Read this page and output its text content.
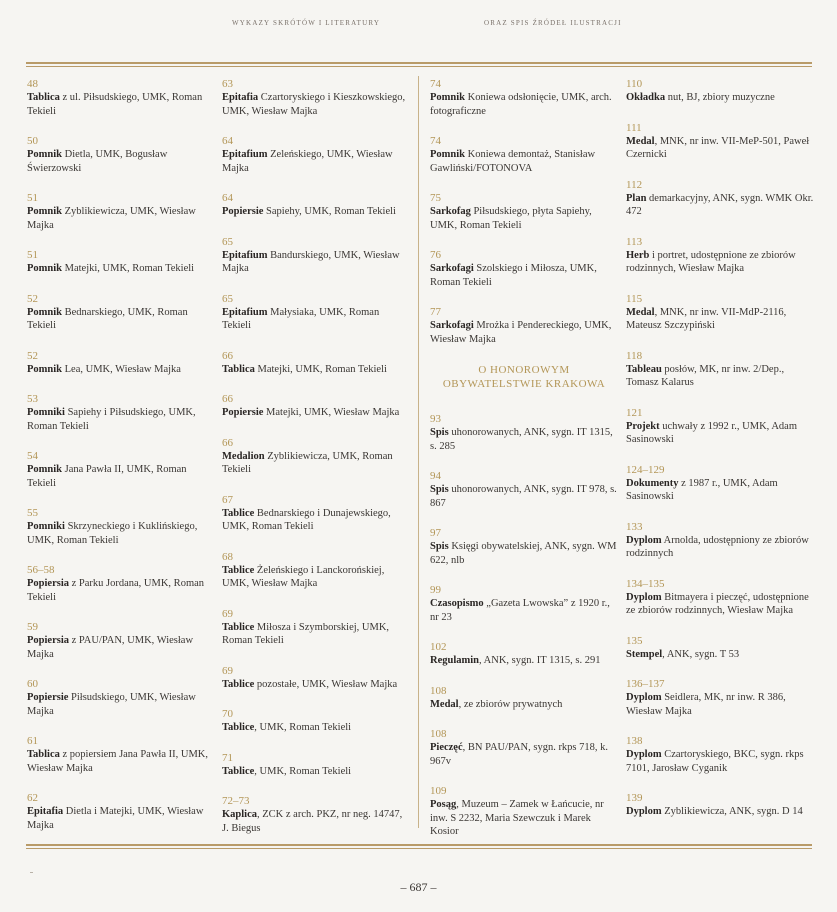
WYKAZY SKRÓTÓW I LITERATURY	ORAZ SPIS ŹRÓDEŁ ILUSTRACJI
48
Tablica z ul. Piłsudskiego, UMK, Roman Tekieli
50
Pomnik Dietla, UMK, Bogusław Świerzowski
51
Pomnik Zyblikiewicza, UMK, Wiesław Majka
51
Pomnik Matejki, UMK, Roman Tekieli
52
Pomnik Bednarskiego, UMK, Roman Tekieli
52
Pomnik Lea, UMK, Wiesław Majka
53
Pomniki Sapiehy i Piłsudskiego, UMK, Roman Tekieli
54
Pomnik Jana Pawła II, UMK, Roman Tekieli
55
Pomniki Skrzyneckiego i Kuklińskiego, UMK, Roman Tekieli
56–58
Popiersia z Parku Jordana, UMK, Roman Tekieli
59
Popiersia z PAU/PAN, UMK, Wiesław Majka
60
Popiersie Piłsudskiego, UMK, Wiesław Majka
61
Tablica z popiersiem Jana Pawła II, UMK, Wiesław Majka
62
Epitafia Dietla i Matejki, UMK, Wiesław Majka
63
Epitafia Czartoryskiego i Kieszkowskiego, UMK, Wiesław Majka
64
Epitafium Zeleńskiego, UMK, Wiesław Majka
64
Popiersie Sapiehy, UMK, Roman Tekieli
65
Epitafium Bandurskiego, UMK, Wiesław Majka
65
Epitafium Małysiaka, UMK, Roman Tekieli
66
Tablica Matejki, UMK, Roman Tekieli
66
Popiersie Matejki, UMK, Wiesław Majka
66
Medalion Zyblikiewicza, UMK, Roman Tekieli
67
Tablice Bednarskiego i Dunajewskiego, UMK, Roman Tekieli
68
Tablice Żeleńskiego i Lanckorońskiej, UMK, Wiesław Majka
69
Tablice Miłosza i Szymborskiej, UMK, Roman Tekieli
69
Tablice pozostałe, UMK, Wiesław Majka
70
Tablice, UMK, Roman Tekieli
71
Tablice, UMK, Roman Tekieli
72–73
Kaplica, ZCK z arch. PKZ, nr neg. 14747, J. Biegus
74
Pomnik Koniewa odsłonięcie, UMK, arch. fotograficzne
74
Pomnik Koniewa demontaż, Stanisław Gawliński/FOTONOVA
75
Sarkofag Piłsudskiego, płyta Sapiehy, UMK, Roman Tekieli
76
Sarkofagi Szolskiego i Miłosza, UMK, Roman Tekieli
77
Sarkofagi Mrożka i Pendereckiego, UMK, Wiesław Majka
O HONOROWYM OBYWATELSTWIE KRAKOWA
93
Spis uhonorowanych, ANK, sygn. IT 1315, s. 285
94
Spis uhonorowanych, ANK, sygn. IT 978, s. 867
97
Spis Księgi obywatelskiej, ANK, sygn. WM 622, nlb
99
Czasopismo „Gazeta Lwowska” z 1920 r., nr 23
102
Regulamin, ANK, sygn. IT 1315, s. 291
108
Medal, ze zbiorów prywatnych
108
Pieczęć, BN PAU/PAN, sygn. rkps 718, k. 967v
109
Posąg, Muzeum – Zamek w Łańcucie, nr inw. S 2232, Maria Szewczuk i Marek Kosior
110
Okładka nut, BJ, zbiory muzyczne
111
Medal, MNK, nr inw. VII-MeP-501, Paweł Czernicki
112
Plan demarkacyjny, ANK, sygn. WMK Okr. 472
113
Herb i portret, udostępnione ze zbiorów rodzinnych, Wiesław Majka
115
Medal, MNK, nr inw. VII-MdP-2116, Mateusz Szczypiński
118
Tableau posłów, MK, nr inw. 2/Dep., Tomasz Kalarus
121
Projekt uchwały z 1992 r., UMK, Adam Sasinowski
124–129
Dokumenty z 1987 r., UMK, Adam Sasinowski
133
Dyplom Arnolda, udostępniony ze zbiorów rodzinnych
134–135
Dyplom Bitmayera i pieczęć, udostępnione ze zbiorów rodzinnych, Wiesław Majka
135
Stempel, ANK, sygn. T 53
136–137
Dyplom Seidlera, MK, nr inw. R 386, Wiesław Majka
138
Dyplom Czartoryskiego, BKC, sygn. rkps 7101, Jarosław Cyganik
139
Dyplom Zyblikiewicza, ANK, sygn. D 14
– 687 –
